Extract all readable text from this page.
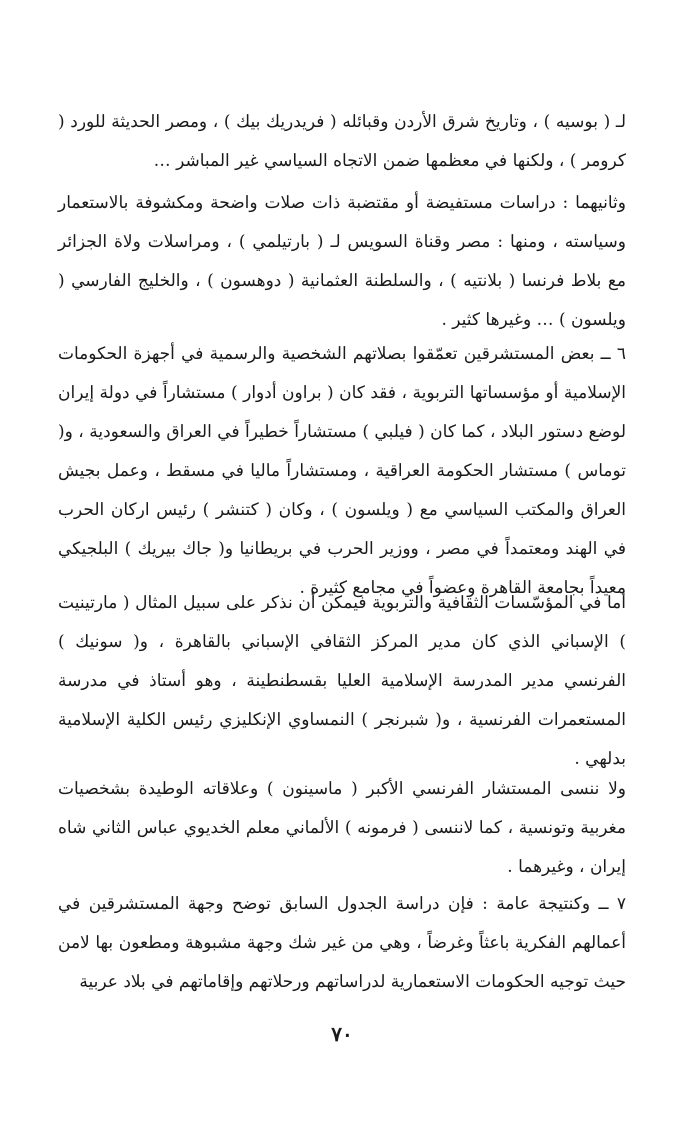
لـ ( بوسيه ) ، وتاريخ شرق الأردن وقبائله ( فريدريك بيك ) ، ومصر الحديثة للورد ( كرومر ) ، ولكنها في معظمها ضمن الاتجاه السياسي غير المباشر …

وثانيهما : دراسات مستفيضة أو مقتضبة ذات صلات واضحة ومكشوفة بالاستعمار وسياسته ، ومنها : مصر وقناة السويس لـ ( بارتيلمي ) ، ومراسلات ولاة الجزائر مع بلاط فرنسا ( بلانتيه ) ، والسلطنة العثمانية ( دوهسون ) ، والخليج الفارسي ( ويلسون ) … وغيرها كثير .

٦ ــ بعض المستشرقين تعمّقوا بصلاتهم الشخصية والرسمية في أجهزة الحكومات الإسلامية أو مؤسساتها التربوية ، فقد كان ( براون أدوار ) مستشاراً في دولة إيران لوضع دستور البلاد ، كما كان ( فيلبي ) مستشاراً خطيراً في العراق والسعودية ، و( توماس ) مستشار الحكومة العراقية ، ومستشاراً ماليا في مسقط ، وعمل بجيش العراق والمكتب السياسي مع ( ويلسون ) ، وكان ( كتنشر ) رئيس اركان الحرب في الهند ومعتمداً في مصر ، ووزير الحرب في بريطانيا و( جاك بيريك ) البلجيكي معيداً بجامعة القاهرة وعضواً في مجامع كثيرة .

أما في المؤسّسات الثقافية والتربوية فيمكن أن نذكر على سبيل المثال ( مارتينيت ) الإسباني الذي كان مدير المركز الثقافي الإسباني بالقاهرة ، و( سونيك ) الفرنسي مدير المدرسة الإسلامية العليا بقسطنطينة ، وهو أستاذ في مدرسة المستعمرات الفرنسية ، و( شبرنجر ) النمساوي الإنكليزي رئيس الكلية الإسلامية بدلهي .

ولا ننسى المستشار الفرنسي الأكبر ( ماسينون ) وعلاقاته الوطيدة بشخصيات مغربية وتونسية ، كما لاننسى ( فرمونه ) الألماني معلم الخديوي عباس الثاني شاه إيران ، وغيرهما .

٧ ــ وكنتيجة عامة : فإن دراسة الجدول السابق توضح وجهة المستشرقين في أعمالهم الفكرية باعثاً وغرضاً ، وهي من غير شك وجهة مشبوهة ومطعون بها لامن حيث توجيه الحكومات الاستعمارية لدراساتهم ورحلاتهم وإقاماتهم في بلاد عربية

٧٠
